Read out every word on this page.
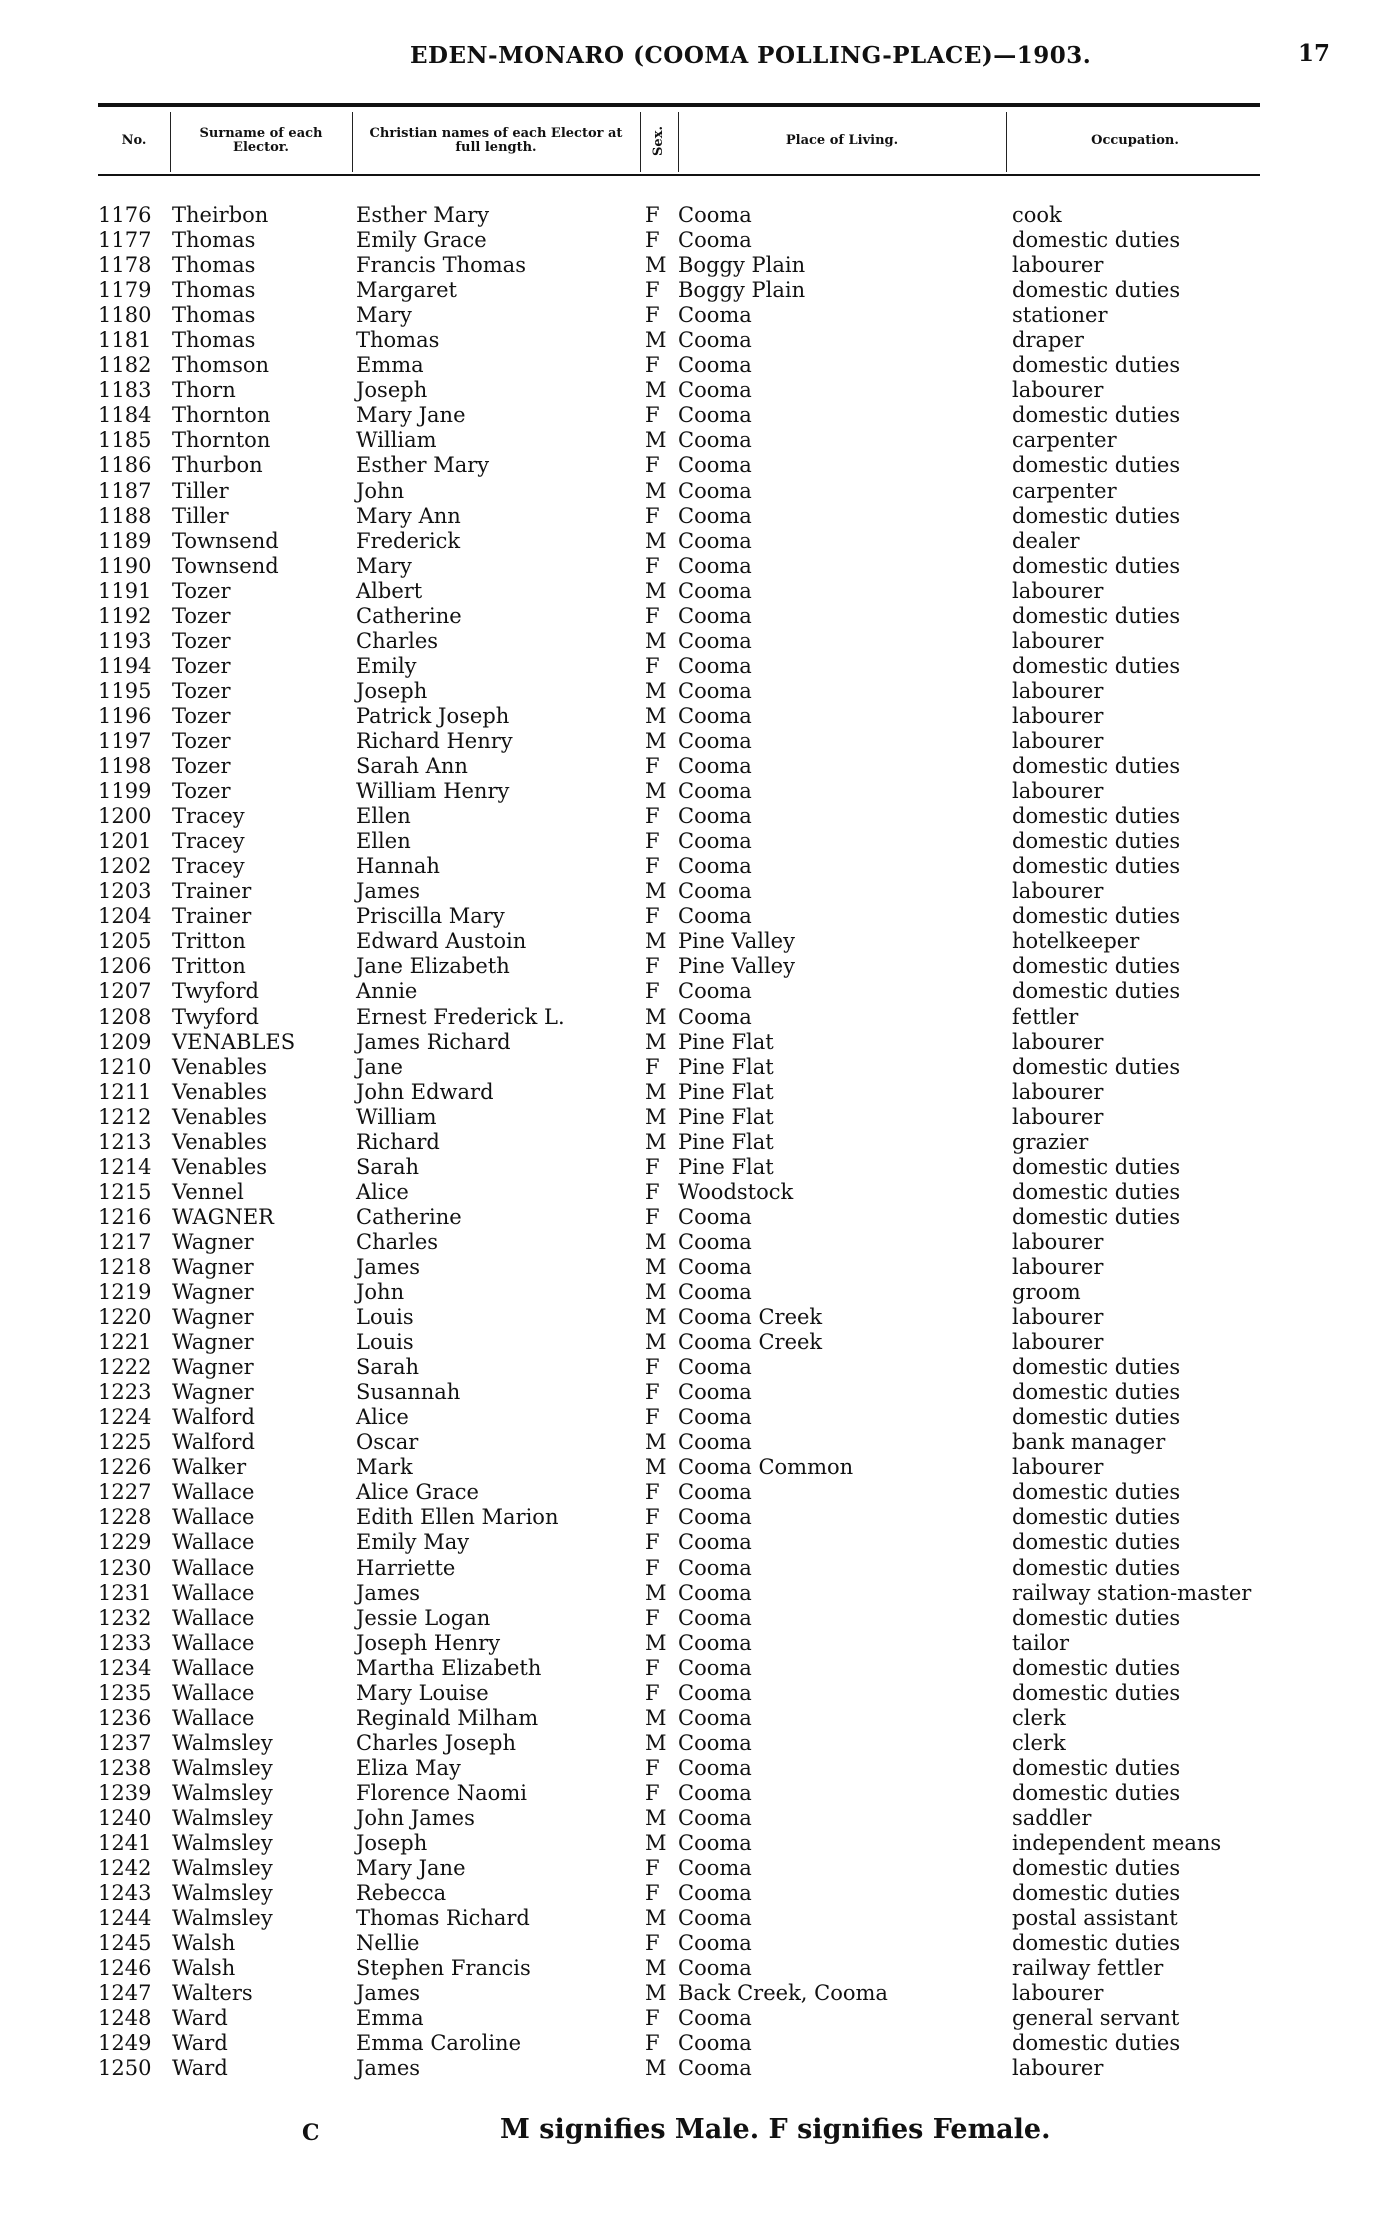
EDEN-MONARO (COOMA POLLING-PLACE)—1903.	17
No.	Surname of each Elector.
Christian names of each Elector at full length.	Sex.	Place of Living.	Occupation.
1176 Theirbon	Esther Mary	F Cooma	cook
1177 Thomas	Emily Grace	F Cooma	domestic duties
1178 Thomas	Francis Thomas	M Boggy Plain	labourer
1179 Thomas	Margaret	F Boggy Plain	domestic duties
1180 Thomas	Mary	F Cooma	stationer
1181 Thomas	Thomas	M Cooma	draper
1182 Thomson	Emma	F Cooma	domestic duties
1183 Thorn	Joseph	M Cooma	labourer
1184 Thornton	Mary Jane	F Cooma	domestic duties
1185 Thornton	William	M Cooma	carpenter
1186 Thurbon	Esther Mary	F Cooma	domestic duties
1187 Tiller	John	M Cooma	carpenter
1188 Tiller	Mary Ann	F Cooma	domestic duties
1189 Townsend	Frederick	M Cooma	dealer
1190 Townsend	Mary	F Cooma	domestic duties
1191 Tozer	Albert	M Cooma	labourer
1192 Tozer	Catherine	F Cooma	domestic duties
1193 Tozer	Charles	M Cooma	labourer
1194 Tozer	Emily	F Cooma	domestic duties
1195 Tozer	Joseph	M Cooma	labourer
1196 Tozer	Patrick Joseph	M Cooma	labourer
1197 Tozer	Richard Henry	M Cooma	labourer
1198 Tozer	Sarah Ann	F Cooma	domestic duties
1199 Tozer	William Henry	M Cooma	labourer
1200 Tracey	Ellen	F Cooma	domestic duties
1201 Tracey	Ellen	F Cooma	domestic duties
1202 Tracey	Hannah	F Cooma	domestic duties
1203 Trainer	James	M Cooma	labourer
1204 Trainer	Priscilla Mary	F Cooma	domestic duties
1205 Tritton	Edward Austoin	M Pine Valley	hotelkeeper
1206 Tritton	Jane Elizabeth	F Pine Valley	domestic duties
1207 Twyford	Annie	F Cooma	domestic duties
1208 Twyford	Ernest Frederick L.	M Cooma	fettler
1209 VENABLES	James Richard	M Pine Flat	labourer
1210 Venables	Jane	F Pine Flat	domestic duties
1211 Venables	John Edward	M Pine Flat	labourer
1212 Venables	William	M Pine Flat	labourer
1213 Venables	Richard	M Pine Flat	grazier
1214 Venables	Sarah	F Pine Flat	domestic duties
1215 Vennel	Alice	F Woodstock	domestic duties
1216 WAGNER	Catherine	F Cooma	domestic duties
1217 Wagner	Charles	M Cooma	labourer
1218 Wagner	James	M Cooma	labourer
1219 Wagner	John	M Cooma	groom
1220 Wagner	Louis	M Cooma Creek	labourer
1221 Wagner	Louis	M Cooma Creek	labourer
1222 Wagner	Sarah	F Cooma	domestic duties
1223 Wagner	Susannah	F Cooma	domestic duties
1224 Walford	Alice	F Cooma	domestic duties
1225 Walford	Oscar	M Cooma	bank manager
1226 Walker	Mark	M Cooma Common	labourer
1227 Wallace	Alice Grace	F Cooma	domestic duties
1228 Wallace	Edith Ellen Marion	F Cooma	domestic duties
1229 Wallace	Emily May	F Cooma	domestic duties
1230 Wallace	Harriette	F Cooma	domestic duties
1231 Wallace	James	M Cooma	railway station-master
1232 Wallace	Jessie Logan	F Cooma	domestic duties
1233 Wallace	Joseph Henry	M Cooma	tailor
1234 Wallace	Martha Elizabeth	F Cooma	domestic duties
1235 Wallace	Mary Louise	F Cooma	domestic duties
1236 Wallace	Reginald Milham	M Cooma	clerk
1237 Walmsley	Charles Joseph	M Cooma	clerk
1238 Walmsley	Eliza May	F Cooma	domestic duties
1239 Walmsley	Florence Naomi	F Cooma	domestic duties
1240 Walmsley	John James	M Cooma	saddler
1241 Walmsley	Joseph	M Cooma	independent means
1242 Walmsley	Mary Jane	F Cooma	domestic duties
1243 Walmsley	Rebecca	F Cooma	domestic duties
1244 Walmsley	Thomas Richard	M Cooma	postal assistant
1245 Walsh	Nellie	F Cooma	domestic duties
1246 Walsh	Stephen Francis	M Cooma	railway fettler
1247 Walters	James	M Back Creek, Cooma	labourer
1248 Ward	Emma	F Cooma	general servant
1249 Ward	Emma Caroline	F Cooma	domestic duties
1250 Ward	James	M Cooma	labourer
C	M signifies Male. F signifies Female.
